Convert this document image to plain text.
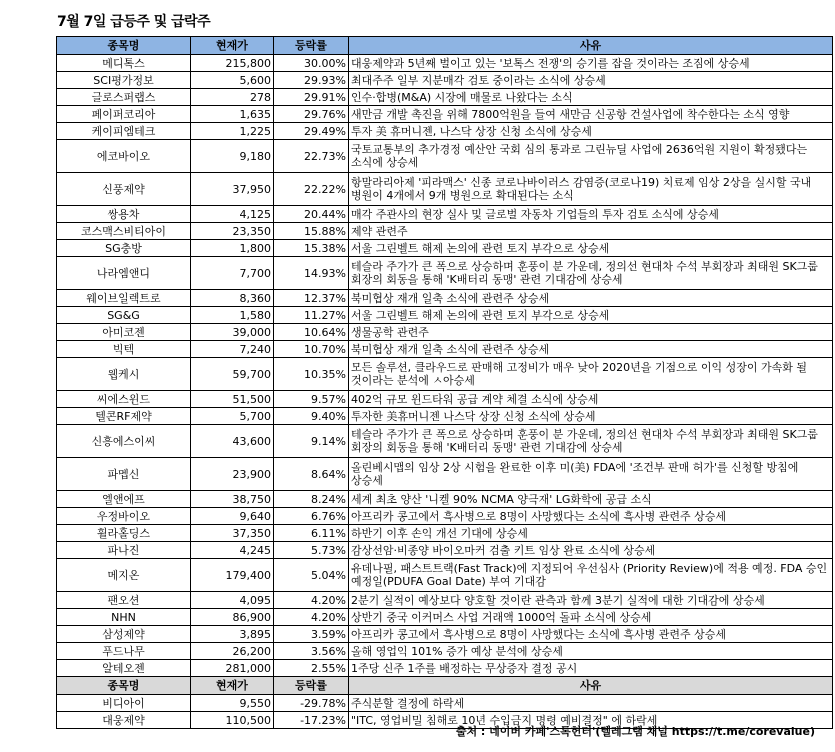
7월 7일 급등주 및 급락주
종목명	현재가	등락률	사유
메디톡스	215,800	30.00%	대웅제약과 5년째 벌이고 있는 '보톡스 전쟁'의 승기를 잡을 것이라는 조짐에 상승세
SCI평가정보	5,600	29.93%	최대주주 일부 지분매각 검토 중이라는 소식에 상승세
글로스퍼랩스	278	29.91%	인수·합병(M&A) 시장에 매물로 나왔다는 소식
페이퍼코리아	1,635	29.76%	새만금 개발 촉진을 위해 7800억원을 들여 새만금 신공항 건설사업에 착수한다는 소식 영향
케이피엠테크	1,225	29.49%	투자 美 휴머니젠, 나스닥 상장 신청 소식에 상승세
에코바이오	9,180	22.73%	국토교통부의 추가경정 예산안 국회 심의 통과로 그린뉴딜 사업에 2636억원 지원이 확정됐다는 소식에 상승세
신풍제약	37,950	22.22%	항말라리아제 '피라맥스' 신종 코로나바이러스 감염증(코로나19) 치료제 임상 2상을 실시할 국내 병원이 4개에서 9개 병원으로 확대된다는 소식
쌍용차	4,125	20.44%	매각 주관사의 현장 실사 및 글로벌 자동차 기업들의 투자 검토 소식에 상승세
코스맥스비티아이	23,350	15.88%	제약 관련주
SG충방	1,800	15.38%	서울 그린벨트 해제 논의에 관련 토지 부각으로 상승세
나라엠앤디	7,700	14.93%	테슬라 주가가 큰 폭으로 상승하며 훈풍이 분 가운데, 정의선 현대차 수석 부회장과 최태원 SK그룹 회장의 회동을 통해 'K배터리 동맹' 관련 기대감에 상승세
웨이브일렉트로	8,360	12.37%	북미협상 재개 일축 소식에 관련주 상승세
SG&G	1,580	11.27%	서울 그린벨트 해제 논의에 관련 토지 부각으로 상승세
아미코젠	39,000	10.64%	생물공학 관련주
빅텍	7,240	10.70%	북미협상 재개 일축 소식에 관련주 상승세
웹케시	59,700	10.35%	모든 솔루션, 클라우드로 판매해 고정비가 매우 낮아 2020년을 기점으로 이익 성장이 가속화 될 것이라는 분석에 ㅅ아승세
씨에스윈드	51,500	9.57%	402억 규모 윈드타워 공급 계약 체결 소식에 상승세
텔콘RF제약	5,700	9.40%	투자한 美휴머니젠 나스닥 상장 신청 소식에 상승세
신흥에스이씨	43,600	9.14%	테슬라 주가가 큰 폭으로 상승하며 훈풍이 분 가운데, 정의선 현대차 수석 부회장과 최태원 SK그룹 회장의 회동을 통해 'K배터리 동맹' 관련 기대감에 상승세
파멥신	23,900	8.64%	올린베시맵의 임상 2상 시험을 완료한 이후 미(美) FDA에 '조건부 판매 허가'를 신청할 방침에 상승세
엘앤에프	38,750	8.24%	세계 최초 양산 '니켈 90% NCMA 양극재' LG화학에 공급 소식
우정바이오	9,640	6.76%	아프리카 콩고에서 흑사병으로 8명이 사망했다는 소식에 흑사병 관련주 상승세
휠라홀딩스	37,350	6.11%	하반기 이후 손익 개선 기대에 상승세
파나진	4,245	5.73%	감상선암·비종양 바이오마커 검출 키트 임상 완료 소식에 상승세
메지온	179,400	5.04%	유데나필, 패스트트랙(Fast Track)에 지정되어 우선심사 (Priority Review)에 적용 예정. FDA 승인 예정일(PDUFA Goal Date) 부여 기대감
팬오션	4,095	4.20%	2분기 실적이 예상보다 양호할 것이란 관측과 함께 3분기 실적에 대한 기대감에 상승세
NHN	86,900	4.20%	상반기 중국 이커머스 사업 거래액 1000억 돌파 소식에 상승세
삼성제약	3,895	3.59%	아프리카 콩고에서 흑사병으로 8명이 사망했다는 소식에 흑사병 관련주 상승세
푸드나무	26,200	3.56%	올해 영업익 101% 증가 예상 분석에 상승세
알테오젠	281,000	2.55%	1주당 신주 1주를 배정하는 무상증자 결정 공시
종목명	현재가	등락률	사유
비디아이	9,550	-29.78%	주식분할 결정에 하락세
대웅제약	110,500	-17.23%	"ITC, 영업비밀 침해로 10년 수입금지 명령 예비결정" 에 하락세
출처 : 네이버 카페'스톡헌터'(텔레그램 채널 https://t.me/corevalue)
